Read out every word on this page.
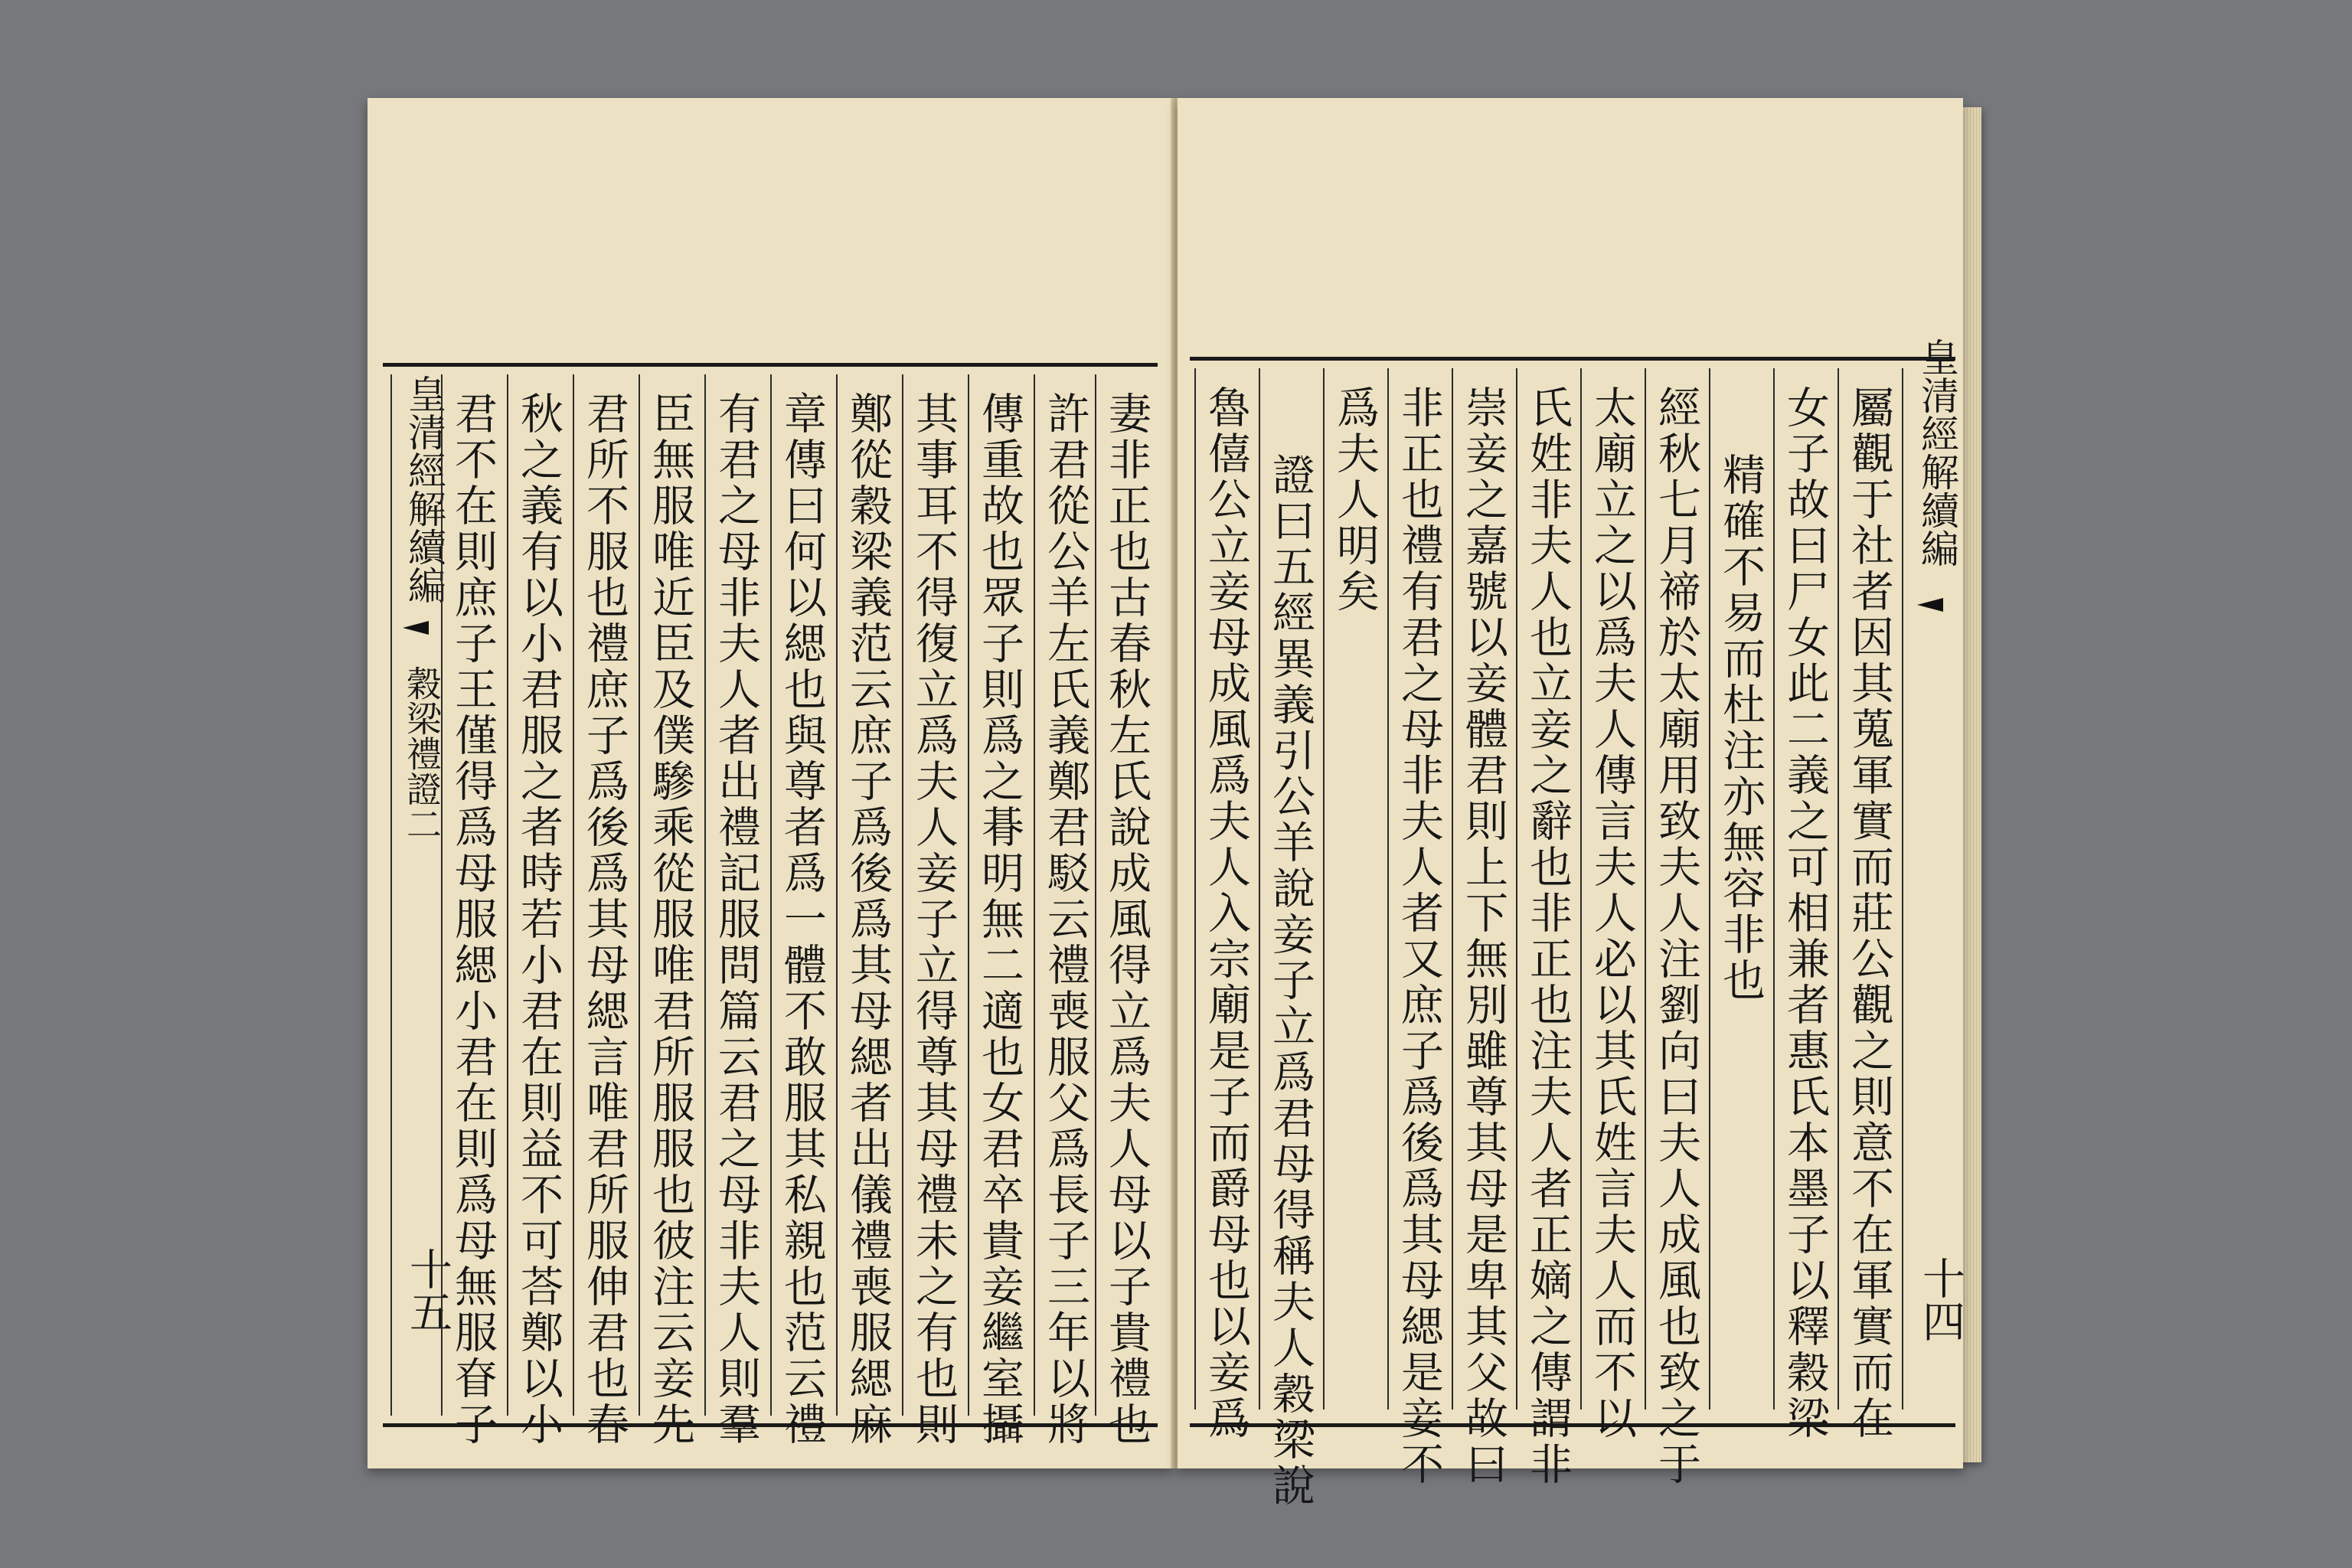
皇清經解續編
穀梁禮證二
十五
君不在則庶子王僅得爲母服緦小君在則爲母無服眘子 秋之義有以小君服之者時若小君在則益不可荅鄭以小 君所不服也禮庶子爲後爲其母緦言唯君所服伸君也春 臣無服唯近臣及僕驂乘從服唯君所服服也彼注云妾先 有君之母非夫人者出禮記服問篇云君之母非夫人則羣 章傳曰何以緦也與尊者爲一體不敢服其私親也范云禮 鄭從穀梁義范云庶子爲後爲其母緦者出儀禮喪服緦麻 其事耳不得復立爲夫人妾子立得尊其母禮未之有也則 傳重故也眾子則爲之朞明無二適也女君卒貴妾繼室攝 許君從公羊左氏義鄭君駁云禮喪服父爲長子三年以將 妻非正也古春秋左氏說成風得立爲夫人母以子貴禮也 魯僖公立妾母成風爲夫人入宗廟是子而爵母也以妾爲 證曰五經異義引公羊說妾子立爲君母得稱夫人穀梁說 爲夫人明矣 非正也禮有君之母非夫人者又庶子爲後爲其母緦是妾不 崇妾之嘉號以妾體君則上下無別雖尊其母是卑其父故曰 氏姓非夫人也立妾之辭也非正也注夫人者正嫡之傳謂非 太廟立之以爲夫人傳言夫人必以其氏姓言夫人而不以 經秋七月禘於太廟用致夫人注劉向曰夫人成風也致之于 精確不易而杜注亦無容非也 女子故曰尸女此二義之可相兼者惠氏本墨子以釋穀梁 屬觀于社者因其蒐軍實而莊公觀之則意不在軍實而在 皇清經解續編
十四
